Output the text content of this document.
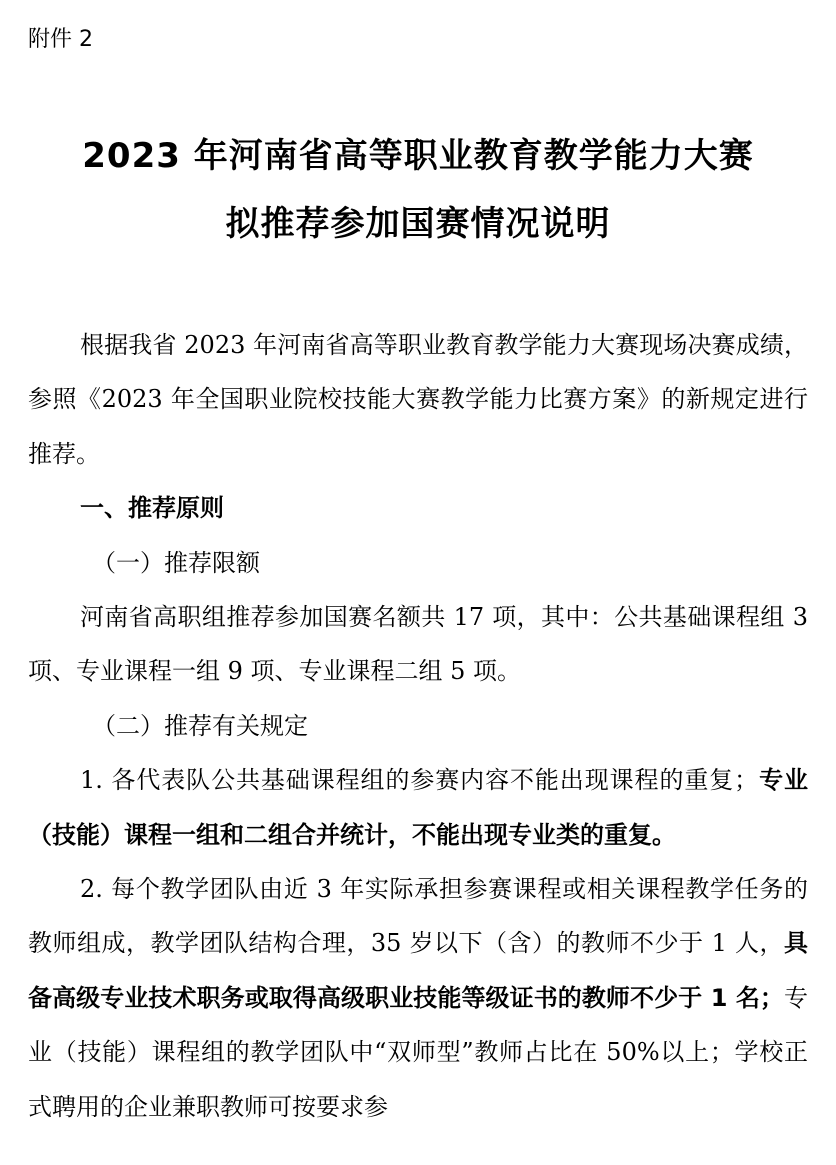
附件 2
2023 年河南省高等职业教育教学能力大赛
拟推荐参加国赛情况说明

根据我省 2023 年河南省高等职业教育教学能力大赛现场决赛成绩，参照《2023 年全国职业院校技能大赛教学能力比赛方案》的新规定进行推荐。

一、推荐原则

（一）推荐限额

河南省高职组推荐参加国赛名额共 17 项，其中：公共基础课程组 3 项、专业课程一组 9 项、专业课程二组 5 项。

（二）推荐有关规定

1. 各代表队公共基础课程组的参赛内容不能出现课程的重复；专业（技能）课程一组和二组合并统计，不能出现专业类的重复。

2. 每个教学团队由近 3 年实际承担参赛课程或相关课程教学任务的教师组成，教学团队结构合理，35 岁以下（含）的教师不少于 1 人，具备高级专业技术职务或取得高级职业技能等级证书的教师不少于 1 名；专业（技能）课程组的教学团队中“双师型”教师占比在 50%以上；学校正式聘用的企业兼职教师可按要求参
